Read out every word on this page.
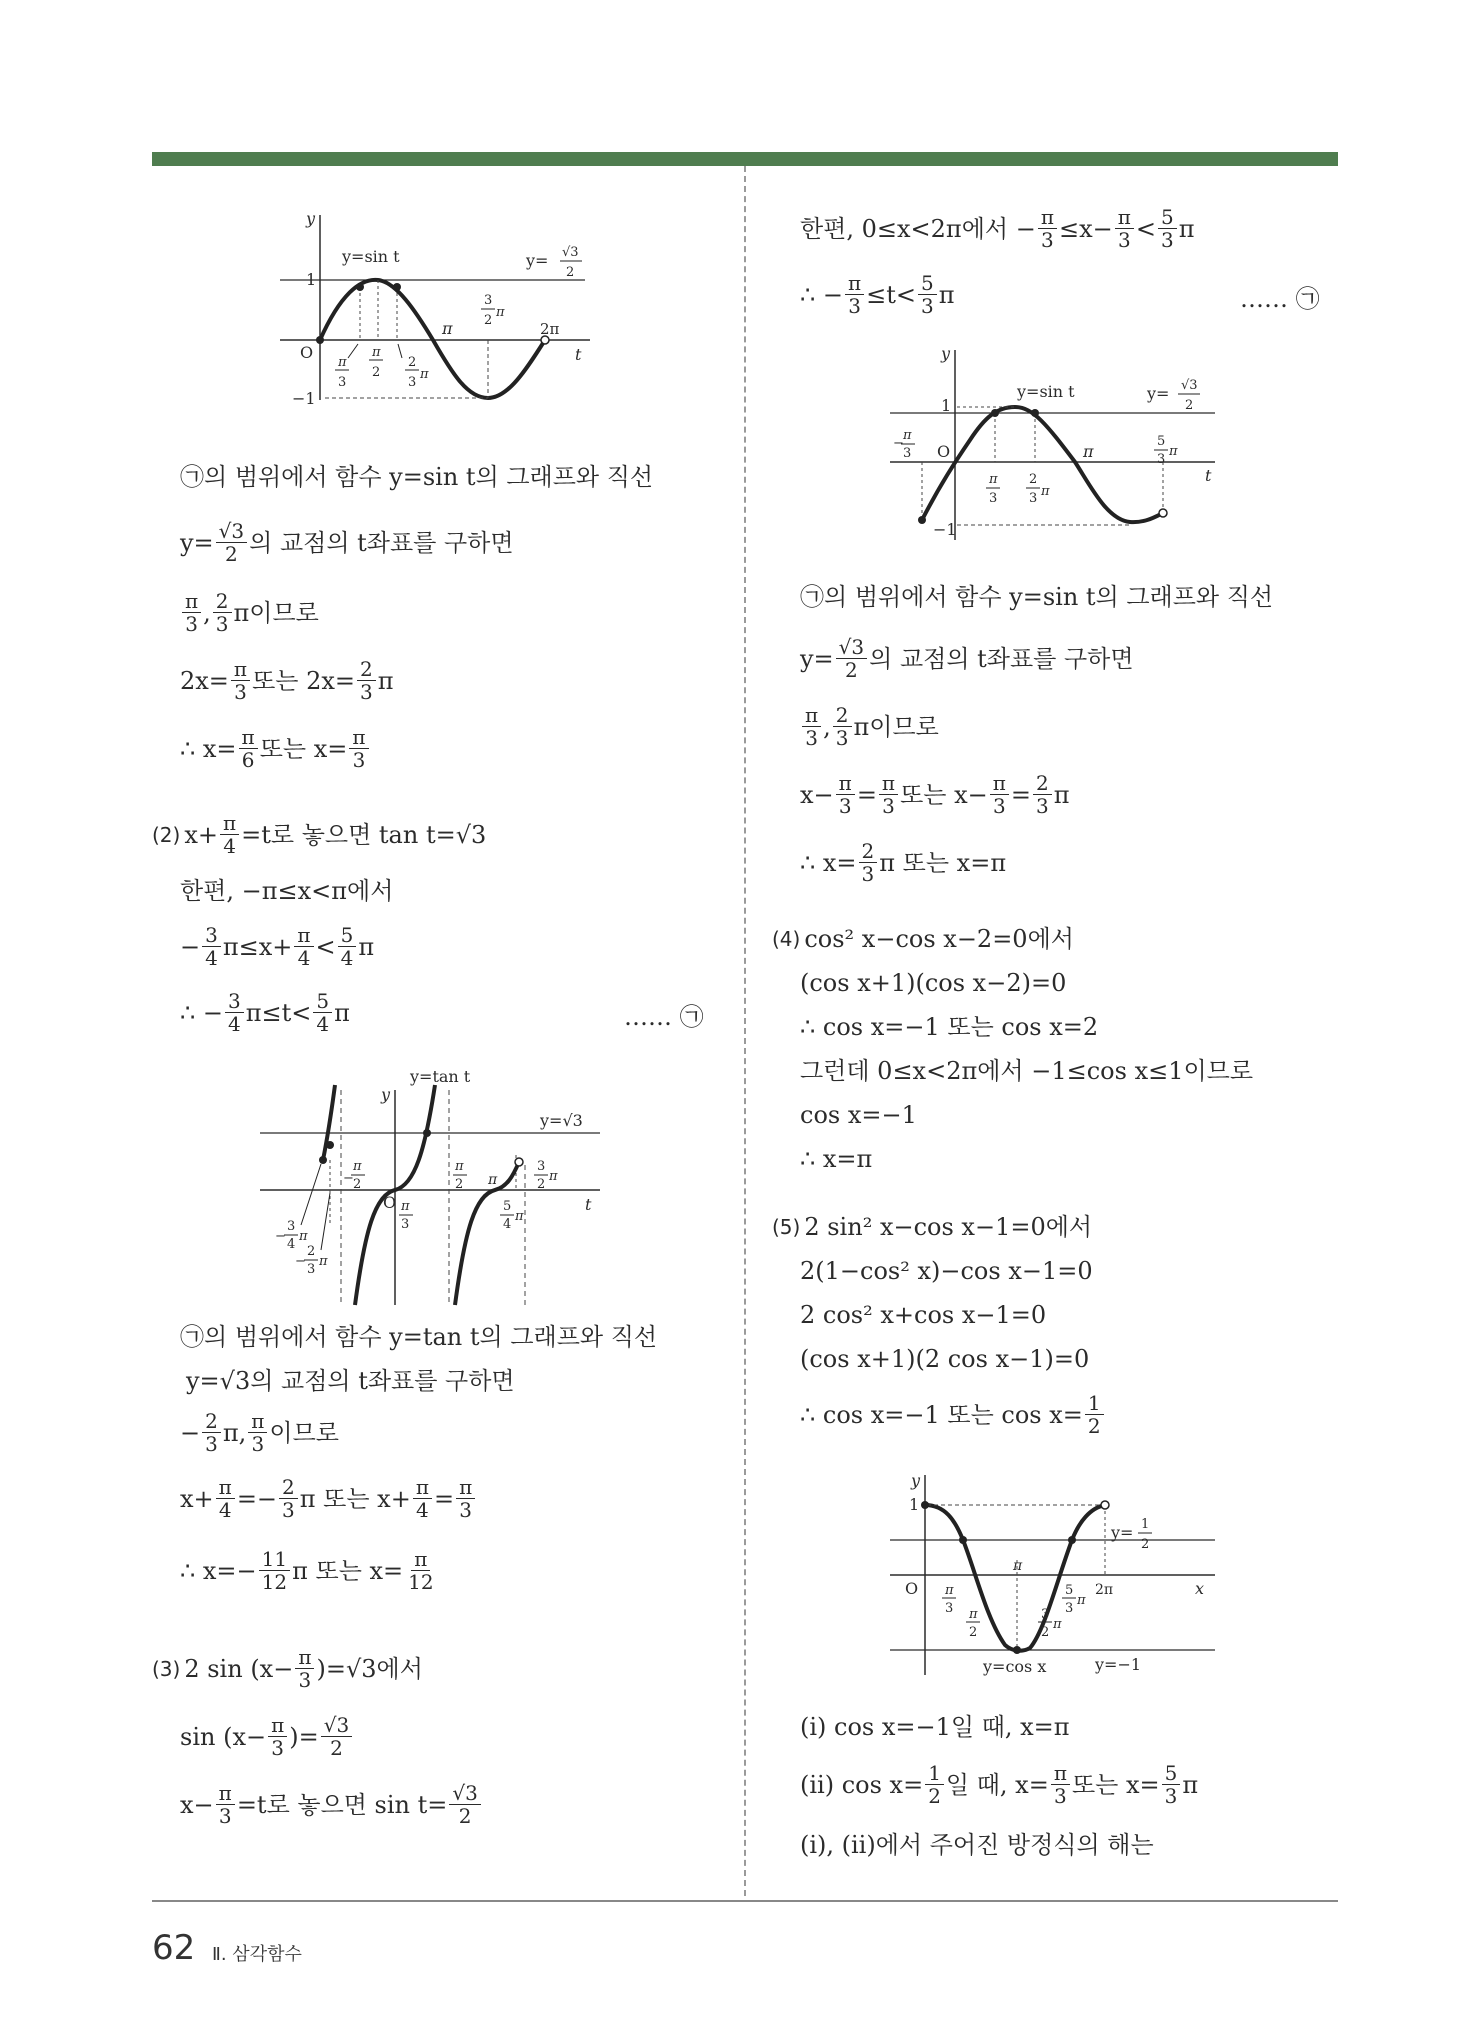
y
t
O
y=sin t	y= √3
2
1
−1
π	2π
3
2
π
π
3
π
2
2
3
π
㉠의 범위에서 함수 y=sin t의 그래프와 직선
$y= \frac{√3}{2}$ 의 교점의 t좌표를 구하면
$\frac{\pi}{3}$ , $\frac{2}{3}$ π이므로
$2x= \frac{\pi}{3}$ 또는 $2x= \frac{2}{3}$ π
∴ $x= \frac{\pi}{6}$ 또는 $x= \frac{\pi}{3}$
(2) $x+ \frac{\pi}{4} =t$로 놓으면 tan t=√3
한편, −π≤x<π에서
− $\frac{3}{4} \pi\le x+ \frac{\pi}{4} < \frac{5}{4}$ π
∴ − $\frac{3}{4} \pi\le t< \frac{5}{4}$ π	…… ㉠
y
t
O
y=tan t
y=√3
−
π
2
π
2 π
3
2
π
π
3
5
4
π
−
3
4
π
−
2
3
π
㉠의 범위에서 함수 y=tan t의 그래프와 직선
y=√3의 교점의 t좌표를 구하면
− $\frac{2}{3} \pi$, $\frac{\pi}{3}$ 이므로
$x+ \frac{\pi}{4} =- \frac{2}{3}$ π 또는 $x+ \frac{\pi}{4} = \frac{\pi}{3}$
∴ $x=- \frac{11}{12}$ π 또는 $x= \frac{\pi}{12}$
(3) 2 $\sin (x- \frac{\pi}{3} )=√3$에서
$\sin (x- \frac{\pi}{3}$ )= $\frac{√3}{2}$
$x- \frac{\pi}{3} =t$로 놓으면 $\sin t= \frac{√3}{2}$
한편, 0≤x<2π에서 − $\frac{\pi}{3} \le x- \frac{\pi}{3} < \frac{5}{3}$ π
∴ − $\frac{\pi}{3} \le t< \frac{5}{3}$ π	…… ㉠
y
t
O
y=sin t	y= √3
2
1
−1
π
−
π
3
π
3
2
3 π
5
3
π
㉠의 범위에서 함수 y=sin t의 그래프와 직선
$y= \frac{√3}{2}$ 의 교점의 t좌표를 구하면
$\frac{\pi}{3}$ , $\frac{2}{3}$ π이므로
$x- \frac{\pi}{3} = \frac{\pi}{3}$ 또는 $x- \frac{\pi}{3} = \frac{2}{3}$ π
∴ $x= \frac{2}{3}$ π 또는 x=π
(4) cos² x−cos x−2=0에서
(cos x+1)(cos x−2)=0
∴ cos x=−1 또는 cos x=2
그런데 0≤x<2π에서 −1≤cos x≤1이므로
cos x=−1
∴ x=π
(5) 2 sin² x−cos x−1=0에서
2(1−cos² x)−cos x−1=0
2 cos² x+cos x−1=0
(cos x+1)(2 cos x−1)=0
∴ cos x=−1 또는 $\cos x= \frac{1}{2}$
y
x
O
1
y=cos x	y=−1
y= 1
2
π
2π
π
3 π
2
5
3
π
3
2
π
(ⅰ) cos x=−1일 때, x=π
(ⅱ) $\cos x= \frac{1}{2}$ 일 때, $x= \frac{\pi}{3}$ 또는 $x= \frac{5}{3}$ π
(ⅰ), (ⅱ)에서 주어진 방정식의 해는
62 Ⅱ. 삼각함수
